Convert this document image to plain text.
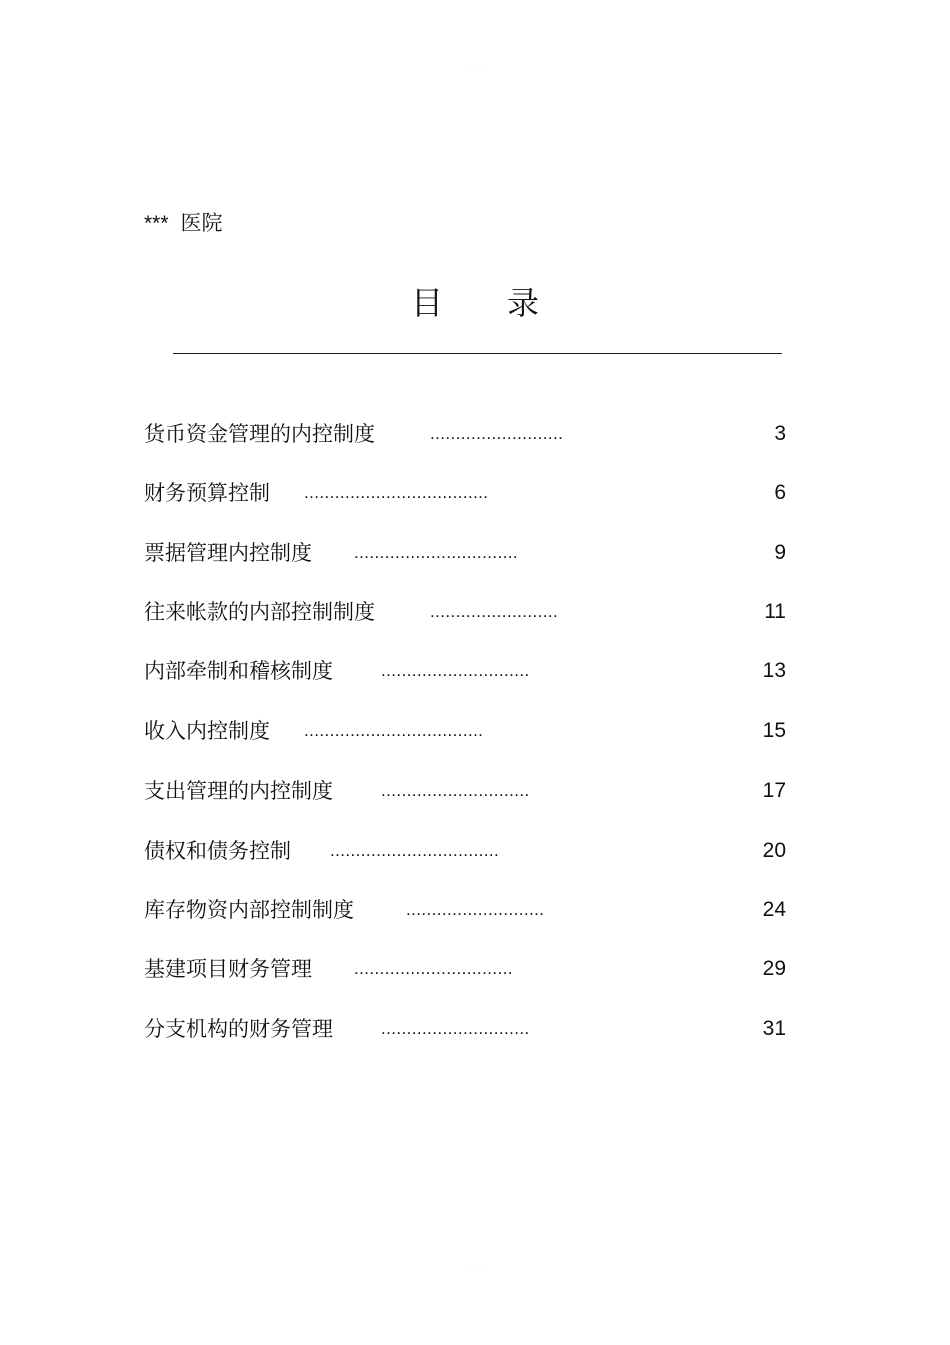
· · · · ·
*** 医院
目　　录
货币资金管理的内控制度	..........................	3
财务预算控制 ....................................	6
票据管理内控制度 ................................	9
往来帐款的内部控制制度	.........................	11
内部牵制和稽核制度	.............................	13
收入内控制度 ...................................	15
支出管理的内控制度	.............................	17
债权和债务控制 .................................	20
库存物资内部控制制度	...........................	24
基建项目财务管理 ...............................	29
分支机构的财务管理	.............................	31
· · · · ·
